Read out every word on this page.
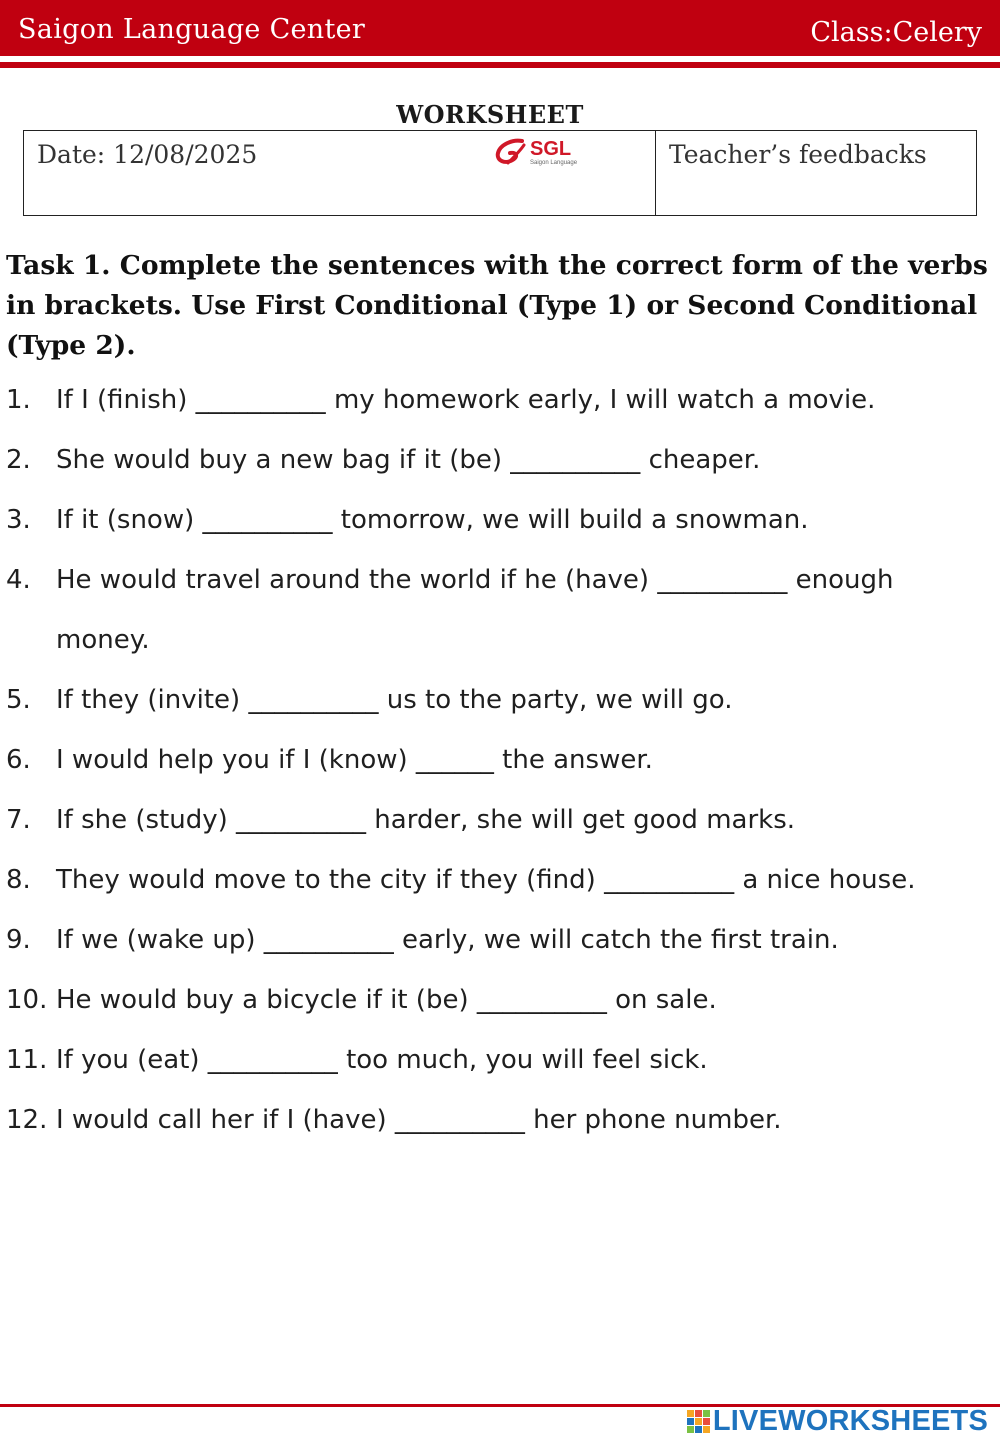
Saigon Language Center	Class:Celery
WORKSHEET
Date: 12/08/2025	SGL
Saigon Language	Teacher’s feedbacks
Task 1. Complete the sentences with the correct form of the verbs in brackets. Use First Conditional (Type 1) or Second Conditional (Type 2).
1. If I (finish) __________ my homework early, I will watch a movie.
2. She would buy a new bag if it (be) __________ cheaper.
3. If it (snow) __________ tomorrow, we will build a snowman.
4. He would travel around the world if he (have) __________ enough money.
5. If they (invite) __________ us to the party, we will go.
6. I would help you if I (know) ______ the answer.
7. If she (study) __________ harder, she will get good marks.
8. They would move to the city if they (find) __________ a nice house.
9. If we (wake up) __________ early, we will catch the first train.
10. He would buy a bicycle if it (be) __________ on sale.
11. If you (eat) __________ too much, you will feel sick.
12. I would call her if I (have) __________ her phone number.
LIVEWORKSHEETS
